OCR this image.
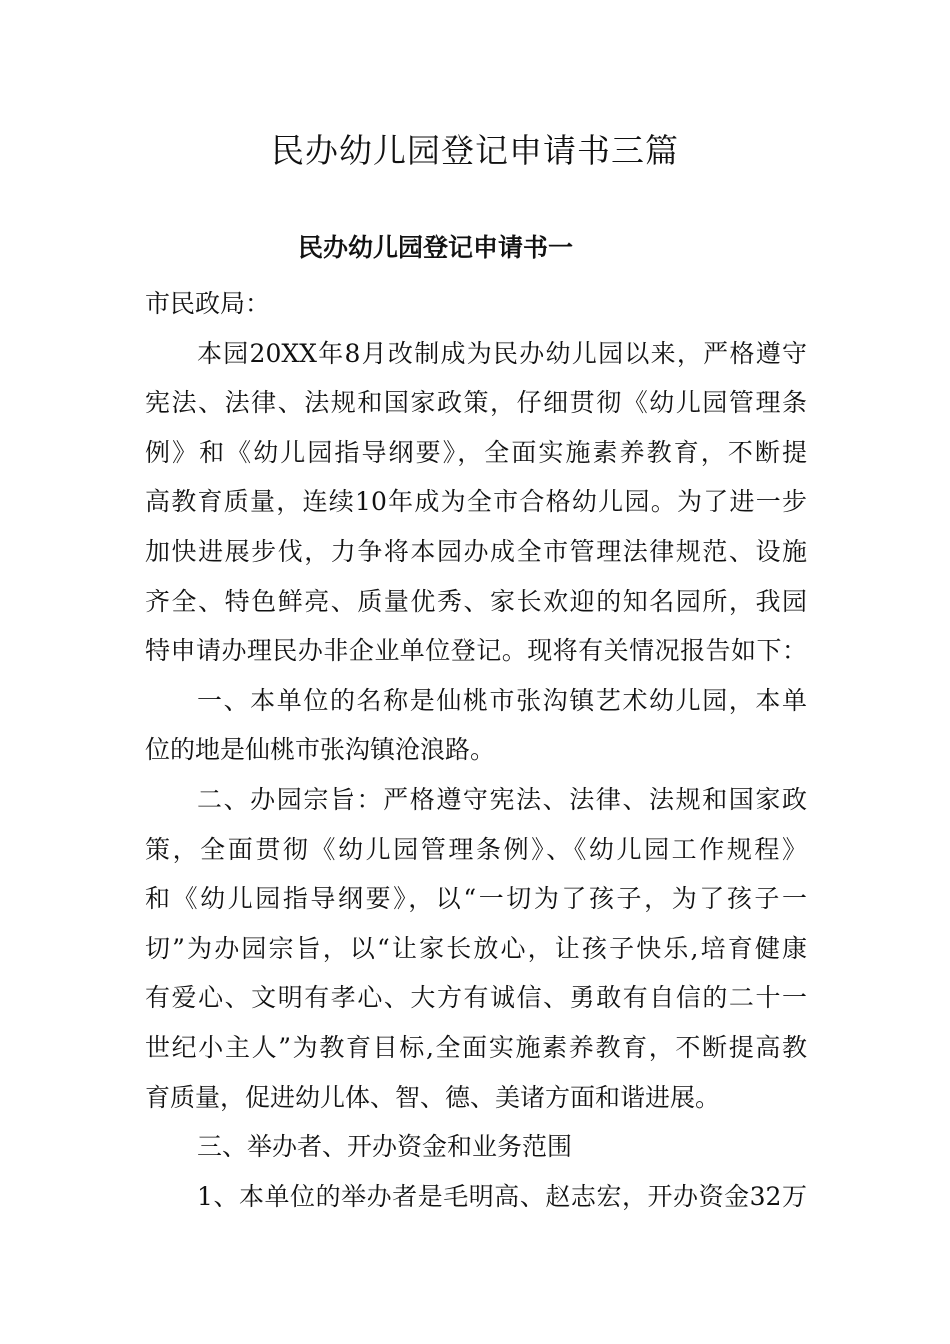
民办幼儿园登记申请书三篇
民办幼儿园登记申请书一
市民政局：
本园20XX年8月改制成为民办幼儿园以来，严格遵守
宪法、法律、法规和国家政策，仔细贯彻《幼儿园管理条
例》和《幼儿园指导纲要》，全面实施素养教育，不断提
高教育质量，连续10年成为全市合格幼儿园。为了进一步
加快进展步伐，力争将本园办成全市管理法律规范、设施
齐全、特色鲜亮、质量优秀、家长欢迎的知名园所，我园
特申请办理民办非企业单位登记。现将有关情况报告如下：
一、本单位的名称是仙桃市张沟镇艺术幼儿园，本单
位的地是仙桃市张沟镇沧浪路。
二、办园宗旨：严格遵守宪法、法律、法规和国家政
策，全面贯彻《幼儿园管理条例》、《幼儿园工作规程》
和《幼儿园指导纲要》，以“一切为了孩子，为了孩子一
切”为办园宗旨，以“让家长放心，让孩子快乐,培育健康
有爱心、文明有孝心、大方有诚信、勇敢有自信的二十一
世纪小主人”为教育目标,全面实施素养教育，不断提高教
育质量，促进幼儿体、智、德、美诸方面和谐进展。
三、举办者、开办资金和业务范围
1、本单位的举办者是毛明高、赵志宏，开办资金32万
